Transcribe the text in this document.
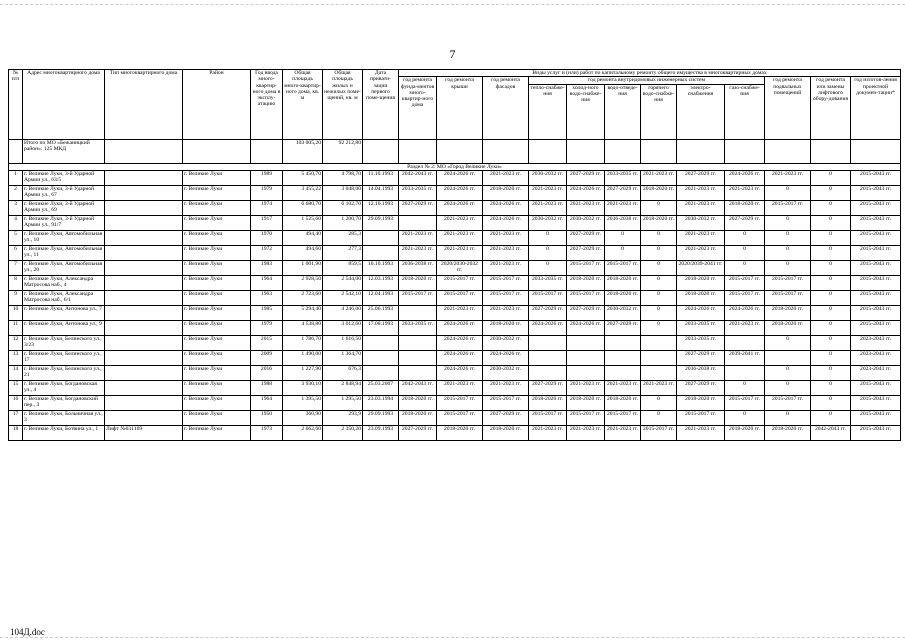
7
№ п/п	Адрес многоквартирного дома	Тип многоквартирного дома	Район	Год ввода много-квартир-ного дома в эксплу-атацию	Общая площадь много-квартир-ного дома, кв. м	Общая площадь жилых и нежилых поме-щений, кв. м	Дата привати-зации первого поме-щения	Виды услуг и (или) работ по капитальному ремонту общего имущества в многоквартирных домах											
								год ремонта фунда-ментов много-квартир-ного дома	год ремонта крыши	год ремонта фасадов	год ремонта внутридомовых инженерных систем						год ремонта подвальных помещений	год ремонта или замены лифтового обору-дования	год изготов-ления проектной докумен-тации*
											тепло-снабже-ния	холод-ного водо-снабже-ния	водо-отведе-ния	горячего водо-снабже-ния	электро-снабжения	газо-снабже-ния			
	Итого по МО «Бежаницкий район»: 125 МКД				103 005,20	92 212,80													
Раздел № 2: МО «Город Великие Луки»																			
1	г. Великие Луки, 3-й Ударной Армии ул., 63/5		г. Великие Луки	1989	5 450,70	4 798,70	11.10.1993	2042-2043 гг.	2024-2026 гг.	2021-2023 гг.	2030-2032 гг.	2027-2029 гг.	2033-2035 гг.	2021-2023 гг.	2027-2029 гг.	2024-2026 гг.	2021-2023 гг.	0	2015-2043 гг.
2	г. Великие Луки, 3-й Ударной Армии ул., 67		г. Великие Луки	1979	3 455,22	3 048,00	14.04.1993	2033-2035 гг.	2024-2026 гг.	2018-2020 гг.	2021-2023 гг.	2024-2026 гг.	2027-2029 гг.	2018-2020 гг.	2021-2023 гг.	2021-2023 гг.	0	0	2015-2043 гг.
3	г. Великие Луки, 3-й Ударной Армии ул., 69		г. Великие Луки	1974	6 680,70	6 102,70	12.10.1993	2027-2029 гг.	2024-2026 гг.	2024-2026 гг.	2021-2023 гг.	2021-2023 гг.	2021-2023 гг.	0	2021-2023 гг.	2018-2020 гг.	2015-2017 гг.	0	2015-2043 гг.
4	г. Великие Луки, 3-й Ударной Армии ул., 91/7		г. Великие Луки	1917	1 525,60	1 200,70	29.09.1993		2021-2023 гг.	2024-2026 гг.	2030-2032 гг.	2030-2032 гг.	2036-2038 гг.	2018-2020 гг.	2030-2032 гг.	2027-2029 гг.	0	0	2015-2043 гг.
5	г. Великие Луки, Автомобильная ул., 10		г. Великие Луки	1970	494,40	285,3		2021-2023 гг.	2021-2023 гг.	2021-2023 гг.	0	2027-2029 гг.	0	0	2021-2023 гг.	0	0	0	2015-2043 гг.
6	г. Великие Луки, Автомобильная ул., 11		г. Великие Луки	1972	494,60	277,3		2021-2023 гг.	2021-2023 гг.	2021-2023 гг.	0	2027-2029 гг.	0	0	2021-2023 гг.	0	0	0	2015-2043 гг.
7	г. Великие Луки, Автомобильная ул., 20		г. Великие Луки	1983	1 001,90	859,5	10.10.1993	2036-2038 гг.	2020/2030-2032 гг.	2021-2023 гг.	0	2015-2017 гг.	2015-2017 гг.	0	2020/2039-2041 гг.	0	0	0	2015-2043 гг.
8	г. Великие Луки, Александра Матросова наб., 4		г. Великие Луки	1964	2 928,50	2 544,00	12.03.1993	2018-2020 гг.	2015-2017 гг.	2015-2017 гг.	2033-2035 гг.	2018-2020 гг.	2018-2020 гг.	0	2018-2020 гг.	2015-2017 гг.	2015-2017 гг.	0	2015-2043 гг.
9	г. Великие Луки, Александра Матросова наб., 6/1		г. Великие Луки	1963	2 723,60	2 542,10	12.04.1993	2015-2017 гг.	2015-2017 гг.	2015-2017 гг.	2015-2017 гг.	2015-2017 гг.	2018-2020 гг.	0	2018-2020 гг.	2015-2017 гг.	2015-2017 гг.	0	2015-2043 гг.
10	г. Великие Луки, Антонова ул., 7		г. Великие Луки	1985	5 294,40	4 246,00	25.06.1993		2021-2023 гг.	2021-2023 гг.	2027-2029 гг.	2027-2029 гг.	2030-2032 гг.	0	2024-2026 гг.	2024-2026 гг.	2018-2020 гг.	0	2015-2043 гг.
11	г. Великие Луки, Антонова ул., 9		г. Великие Луки	1979	4 538,80	3 012,60	17.08.1993	2033-2035 гг.	2024-2026 гг.	2018-2020 гг.	2024-2026 гг.	2024-2026 гг.	2027-2029 гг.	0	2033-2035 гг.	2021-2023 гг.	2018-2020 гг.	0	2015-2043 гг.
12	г. Великие Луки, Белинского ул., 3/23		г. Великие Луки	2015	1 786,70	1 616,50			2024-2026 гг.	2030-2032 гг.					2033-2035 гг.		0	0	2023-2043 гг.
13	г. Великие Луки, Белинского ул., 17		г. Великие Луки	2009	1 490,00	1 364,70			2024-2026 гг.	2024-2026 гг.					2027-2029 гг.	2039-2041 гг.		0	2023-2043 гг.
14	г. Великие Луки, Белинского ул., 21		г. Великие Луки	2016	1 227,90	676,3			2024-2026 гг.	2030-2032 гг.					2036-2038 гг.		0	0	2023-2043 гг.
15	г. Великие Луки, Богдановская ул., 4		г. Великие Луки	1988	3 930,10	2 848,94	25.03.2007	2042-2043 гг.	2021-2023 гг.	2021-2023 гг.	2027-2029 гг.	2021-2023 гг.	2021-2023 гг.	2021-2023 гг.	2027-2029 гг.	0	0	0	2015-2043 гг.
16	г. Великие Луки, Богдановский пер., 3		г. Великие Луки	1964	1 395,50	1 295,50	23.03.1994	2018-2020 гг.	2015-2017 гг.	2015-2017 гг.	2018-2020 гг.	2018-2020 гг.	2018-2020 гг.	0	2018-2020 гг.	2015-2017 гг.	2015-2017 гг.	0	2015-2043 гг.
17	г. Великие Луки, Больничная ул., 3		г. Великие Луки	1950	360,90	293,9	29.09.1993	2018-2020 гг.	2015-2017 гг.	2027-2029 гг.	2015-2017 гг.	2015-2017 гг.	2015-2017 гг.	0	2015-2017 гг.	0	0	0	2015-2043 гг.
18	г. Великие Луки, Ботвина ул., 1	Лифт №031169	г. Великие Луки	1973	2 662,60	2 350,20	23.09.1993	2027-2029 гг.	2018-2020 гг.	2018-2020 гг.	2021-2023 гг.	2021-2023 гг.	2021-2023 гг.	2015-2017 гг.	2021-2023 гг.	2018-2020 гг.	2018-2020 гг.	2042-2043 гг.	2015-2043 гг.
104Д.doc
